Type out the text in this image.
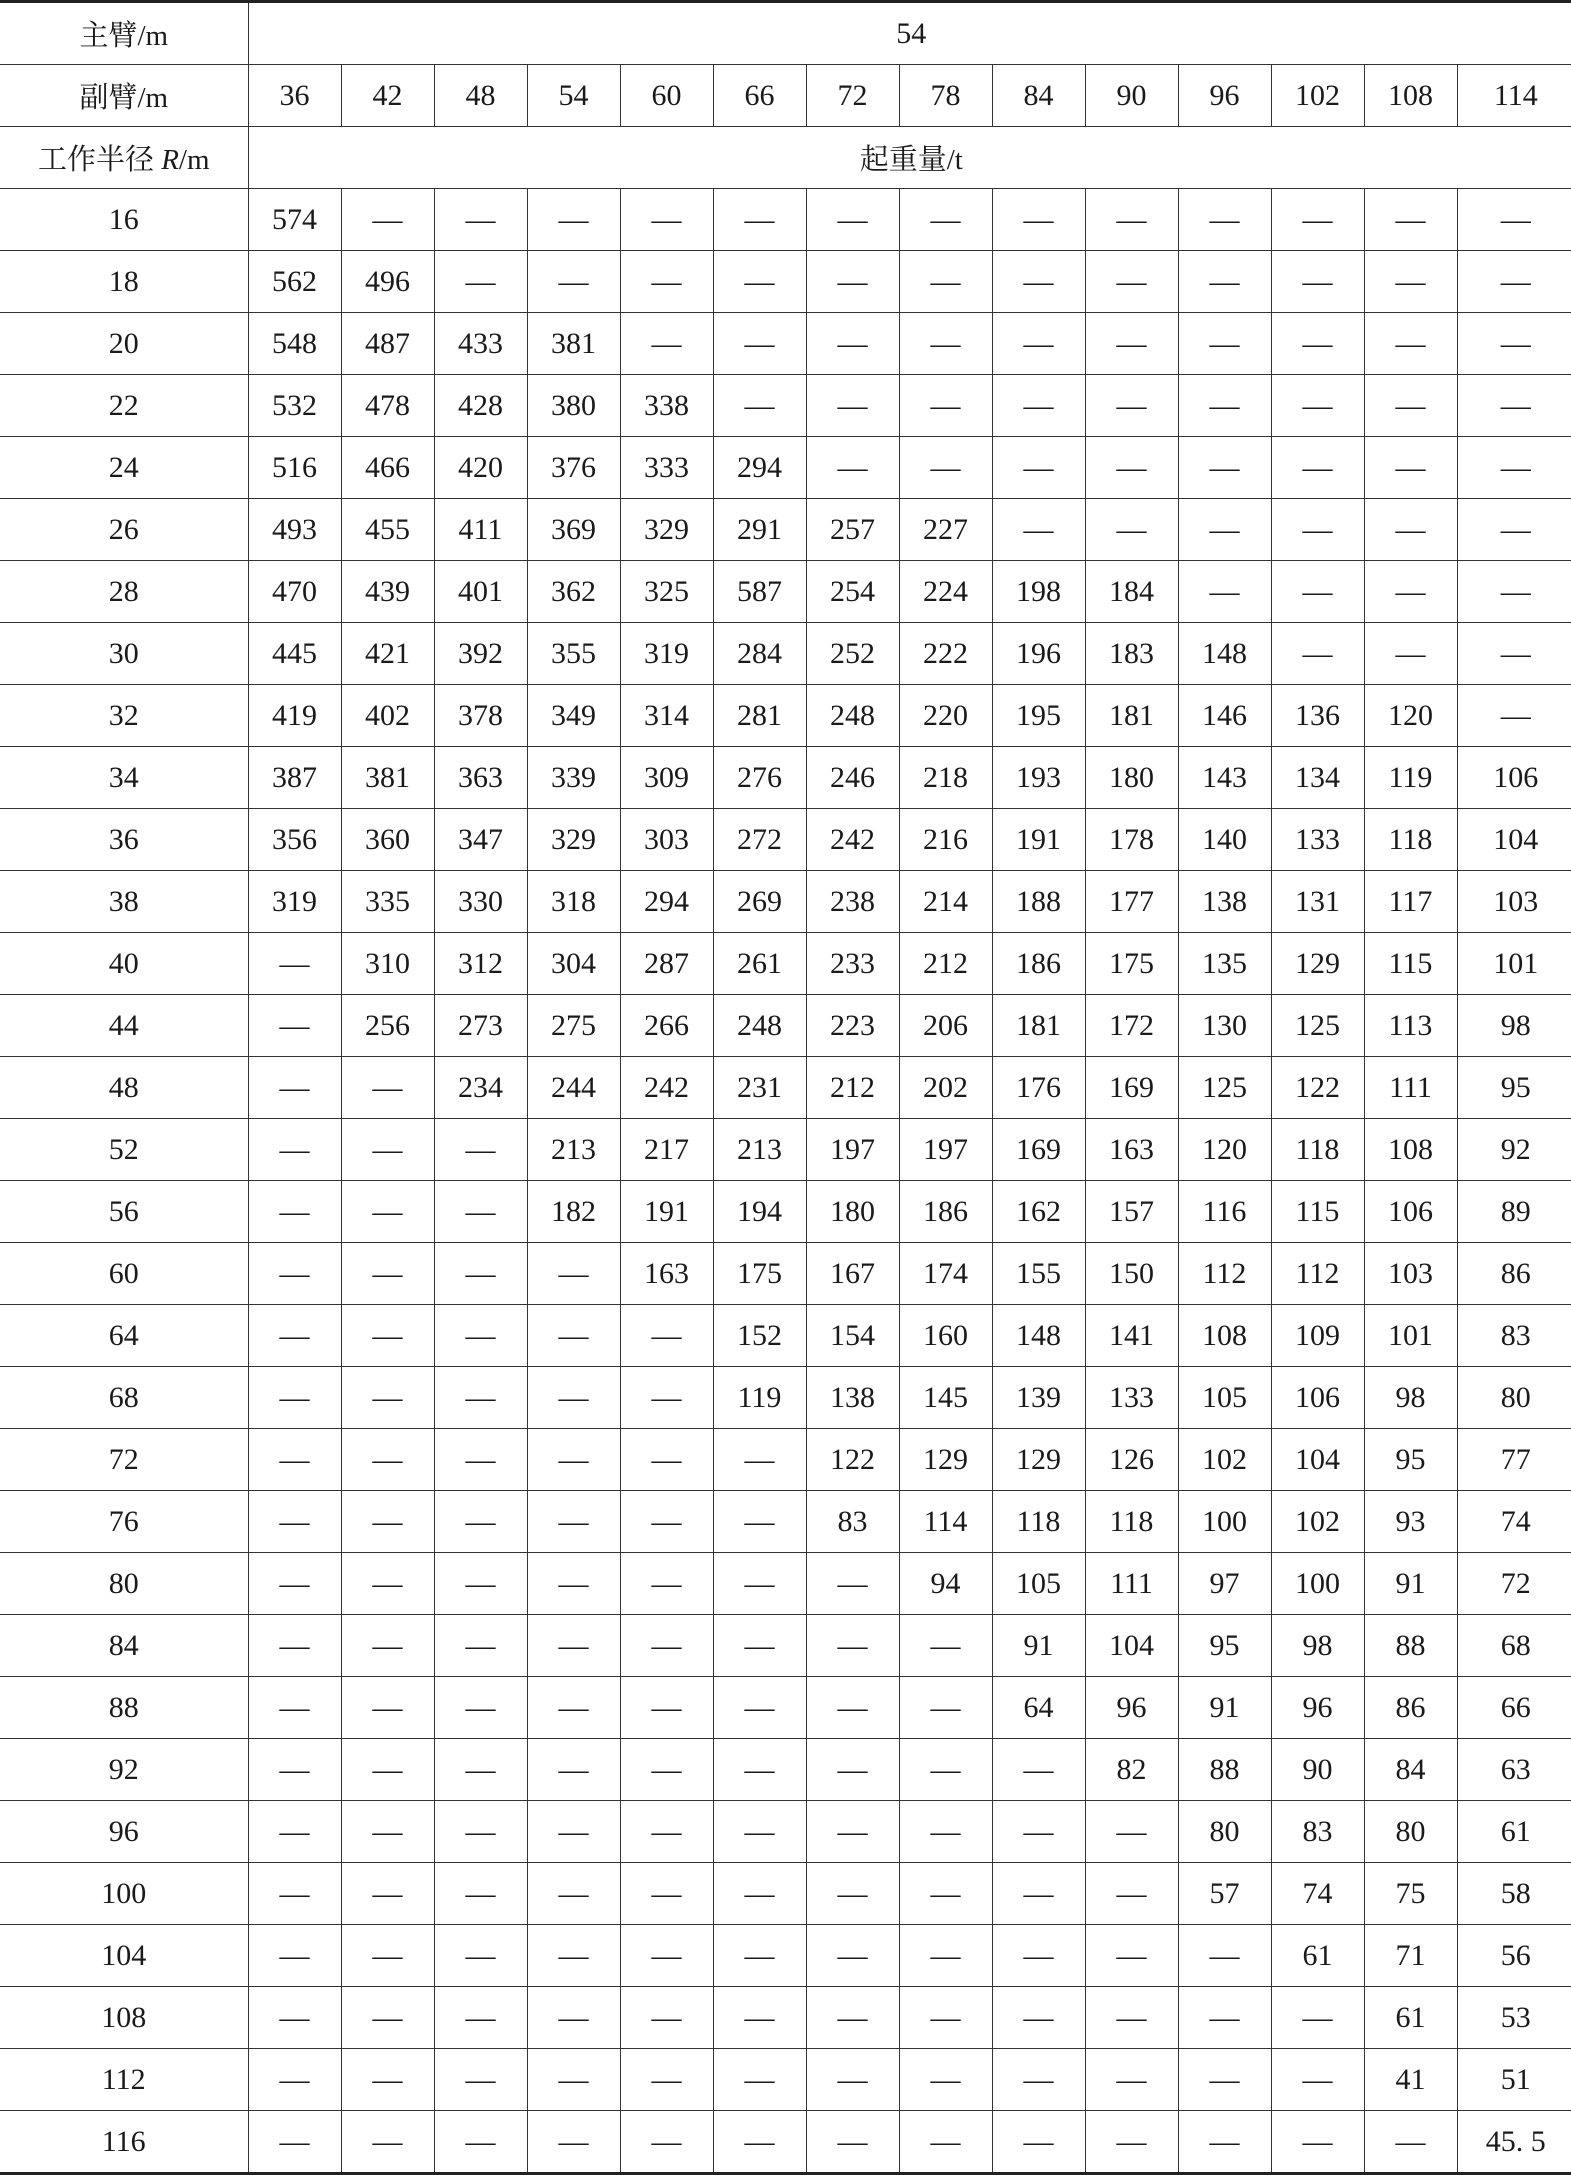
主臂/m	54													
副臂/m	36	42	48	54	60	66	72	78	84	90	96	102	108	114
工作半径 R/m	起重量/t													
16	574	—	—	—	—	—	—	—	—	—	—	—	—	—
18	562	496	—	—	—	—	—	—	—	—	—	—	—	—
20	548	487	433	381	—	—	—	—	—	—	—	—	—	—
22	532	478	428	380	338	—	—	—	—	—	—	—	—	—
24	516	466	420	376	333	294	—	—	—	—	—	—	—	—
26	493	455	411	369	329	291	257	227	—	—	—	—	—	—
28	470	439	401	362	325	587	254	224	198	184	—	—	—	—
30	445	421	392	355	319	284	252	222	196	183	148	—	—	—
32	419	402	378	349	314	281	248	220	195	181	146	136	120	—
34	387	381	363	339	309	276	246	218	193	180	143	134	119	106
36	356	360	347	329	303	272	242	216	191	178	140	133	118	104
38	319	335	330	318	294	269	238	214	188	177	138	131	117	103
40	—	310	312	304	287	261	233	212	186	175	135	129	115	101
44	—	256	273	275	266	248	223	206	181	172	130	125	113	98
48	—	—	234	244	242	231	212	202	176	169	125	122	111	95
52	—	—	—	213	217	213	197	197	169	163	120	118	108	92
56	—	—	—	182	191	194	180	186	162	157	116	115	106	89
60	—	—	—	—	163	175	167	174	155	150	112	112	103	86
64	—	—	—	—	—	152	154	160	148	141	108	109	101	83
68	—	—	—	—	—	119	138	145	139	133	105	106	98	80
72	—	—	—	—	—	—	122	129	129	126	102	104	95	77
76	—	—	—	—	—	—	83	114	118	118	100	102	93	74
80	—	—	—	—	—	—	—	94	105	111	97	100	91	72
84	—	—	—	—	—	—	—	—	91	104	95	98	88	68
88	—	—	—	—	—	—	—	—	64	96	91	96	86	66
92	—	—	—	—	—	—	—	—	—	82	88	90	84	63
96	—	—	—	—	—	—	—	—	—	—	80	83	80	61
100	—	—	—	—	—	—	—	—	—	—	57	74	75	58
104	—	—	—	—	—	—	—	—	—	—	—	61	71	56
108	—	—	—	—	—	—	—	—	—	—	—	—	61	53
112	—	—	—	—	—	—	—	—	—	—	—	—	41	51
116	—	—	—	—	—	—	—	—	—	—	—	—	—	45. 5
